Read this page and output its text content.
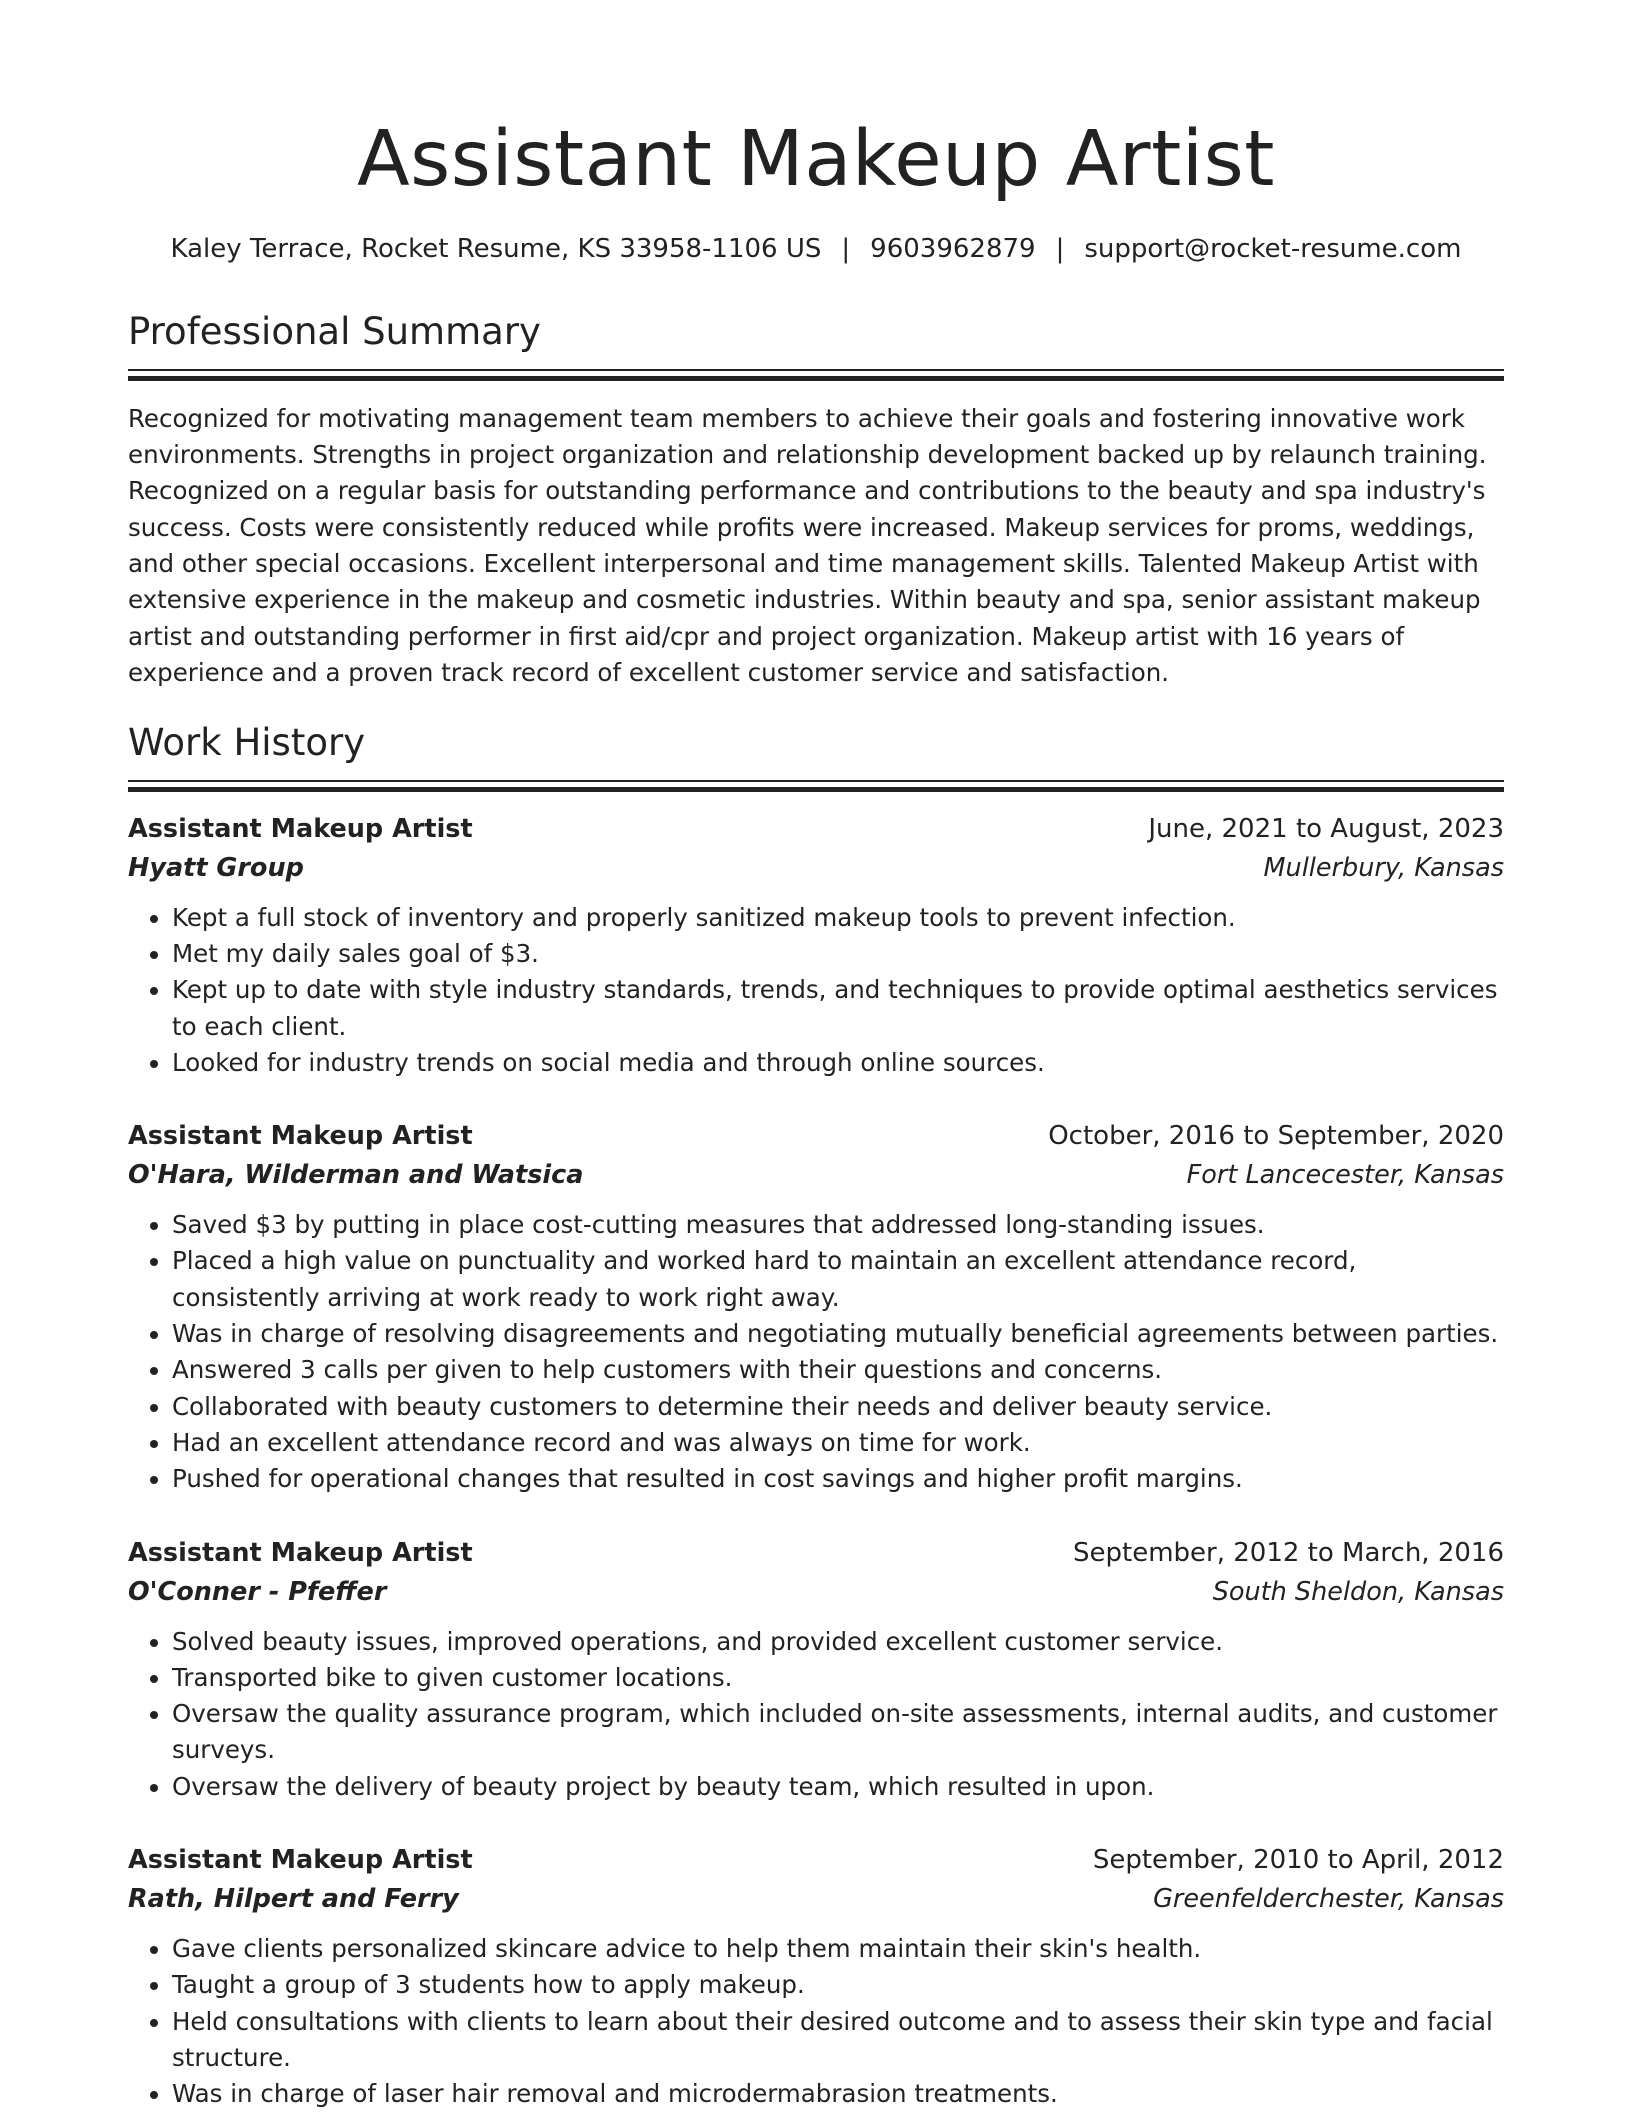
Assistant Makeup Artist
Kaley Terrace, Rocket Resume, KS 33958-1106 US | 9603962879 | support@rocket-resume.com
Professional Summary

Recognized for motivating management team members to achieve their goals and fostering innovative work environments. Strengths in project organization and relationship development backed up by relaunch training. Recognized on a regular basis for outstanding performance and contributions to the beauty and spa industry's success. Costs were consistently reduced while profits were increased. Makeup services for proms, weddings, and other special occasions. Excellent interpersonal and time management skills. Talented Makeup Artist with extensive experience in the makeup and cosmetic industries. Within beauty and spa, senior assistant makeup artist and outstanding performer in first aid/cpr and project organization. Makeup artist with 16 years of experience and a proven track record of excellent customer service and satisfaction.

Work History
Assistant Makeup Artist	June, 2021 to August, 2023
Hyatt Group	Mullerbury, Kansas
• Kept a full stock of inventory and properly sanitized makeup tools to prevent infection.
• Met my daily sales goal of $3.
• Kept up to date with style industry standards, trends, and techniques to provide optimal aesthetics services to each client.
• Looked for industry trends on social media and through online sources.
Assistant Makeup Artist	October, 2016 to September, 2020
O'Hara, Wilderman and Watsica	Fort Lancecester, Kansas
• Saved $3 by putting in place cost-cutting measures that addressed long-standing issues.
• Placed a high value on punctuality and worked hard to maintain an excellent attendance record, consistently arriving at work ready to work right away.
• Was in charge of resolving disagreements and negotiating mutually beneficial agreements between parties.
• Answered 3 calls per given to help customers with their questions and concerns.
• Collaborated with beauty customers to determine their needs and deliver beauty service.
• Had an excellent attendance record and was always on time for work.
• Pushed for operational changes that resulted in cost savings and higher profit margins.
Assistant Makeup Artist	September, 2012 to March, 2016
O'Conner - Pfeffer	South Sheldon, Kansas
• Solved beauty issues, improved operations, and provided excellent customer service.
• Transported bike to given customer locations.
• Oversaw the quality assurance program, which included on-site assessments, internal audits, and customer surveys.
• Oversaw the delivery of beauty project by beauty team, which resulted in upon.
Assistant Makeup Artist	September, 2010 to April, 2012
Rath, Hilpert and Ferry	Greenfelderchester, Kansas
• Gave clients personalized skincare advice to help them maintain their skin's health.
• Taught a group of 3 students how to apply makeup.
• Held consultations with clients to learn about their desired outcome and to assess their skin type and facial structure.
• Was in charge of laser hair removal and microdermabrasion treatments.
